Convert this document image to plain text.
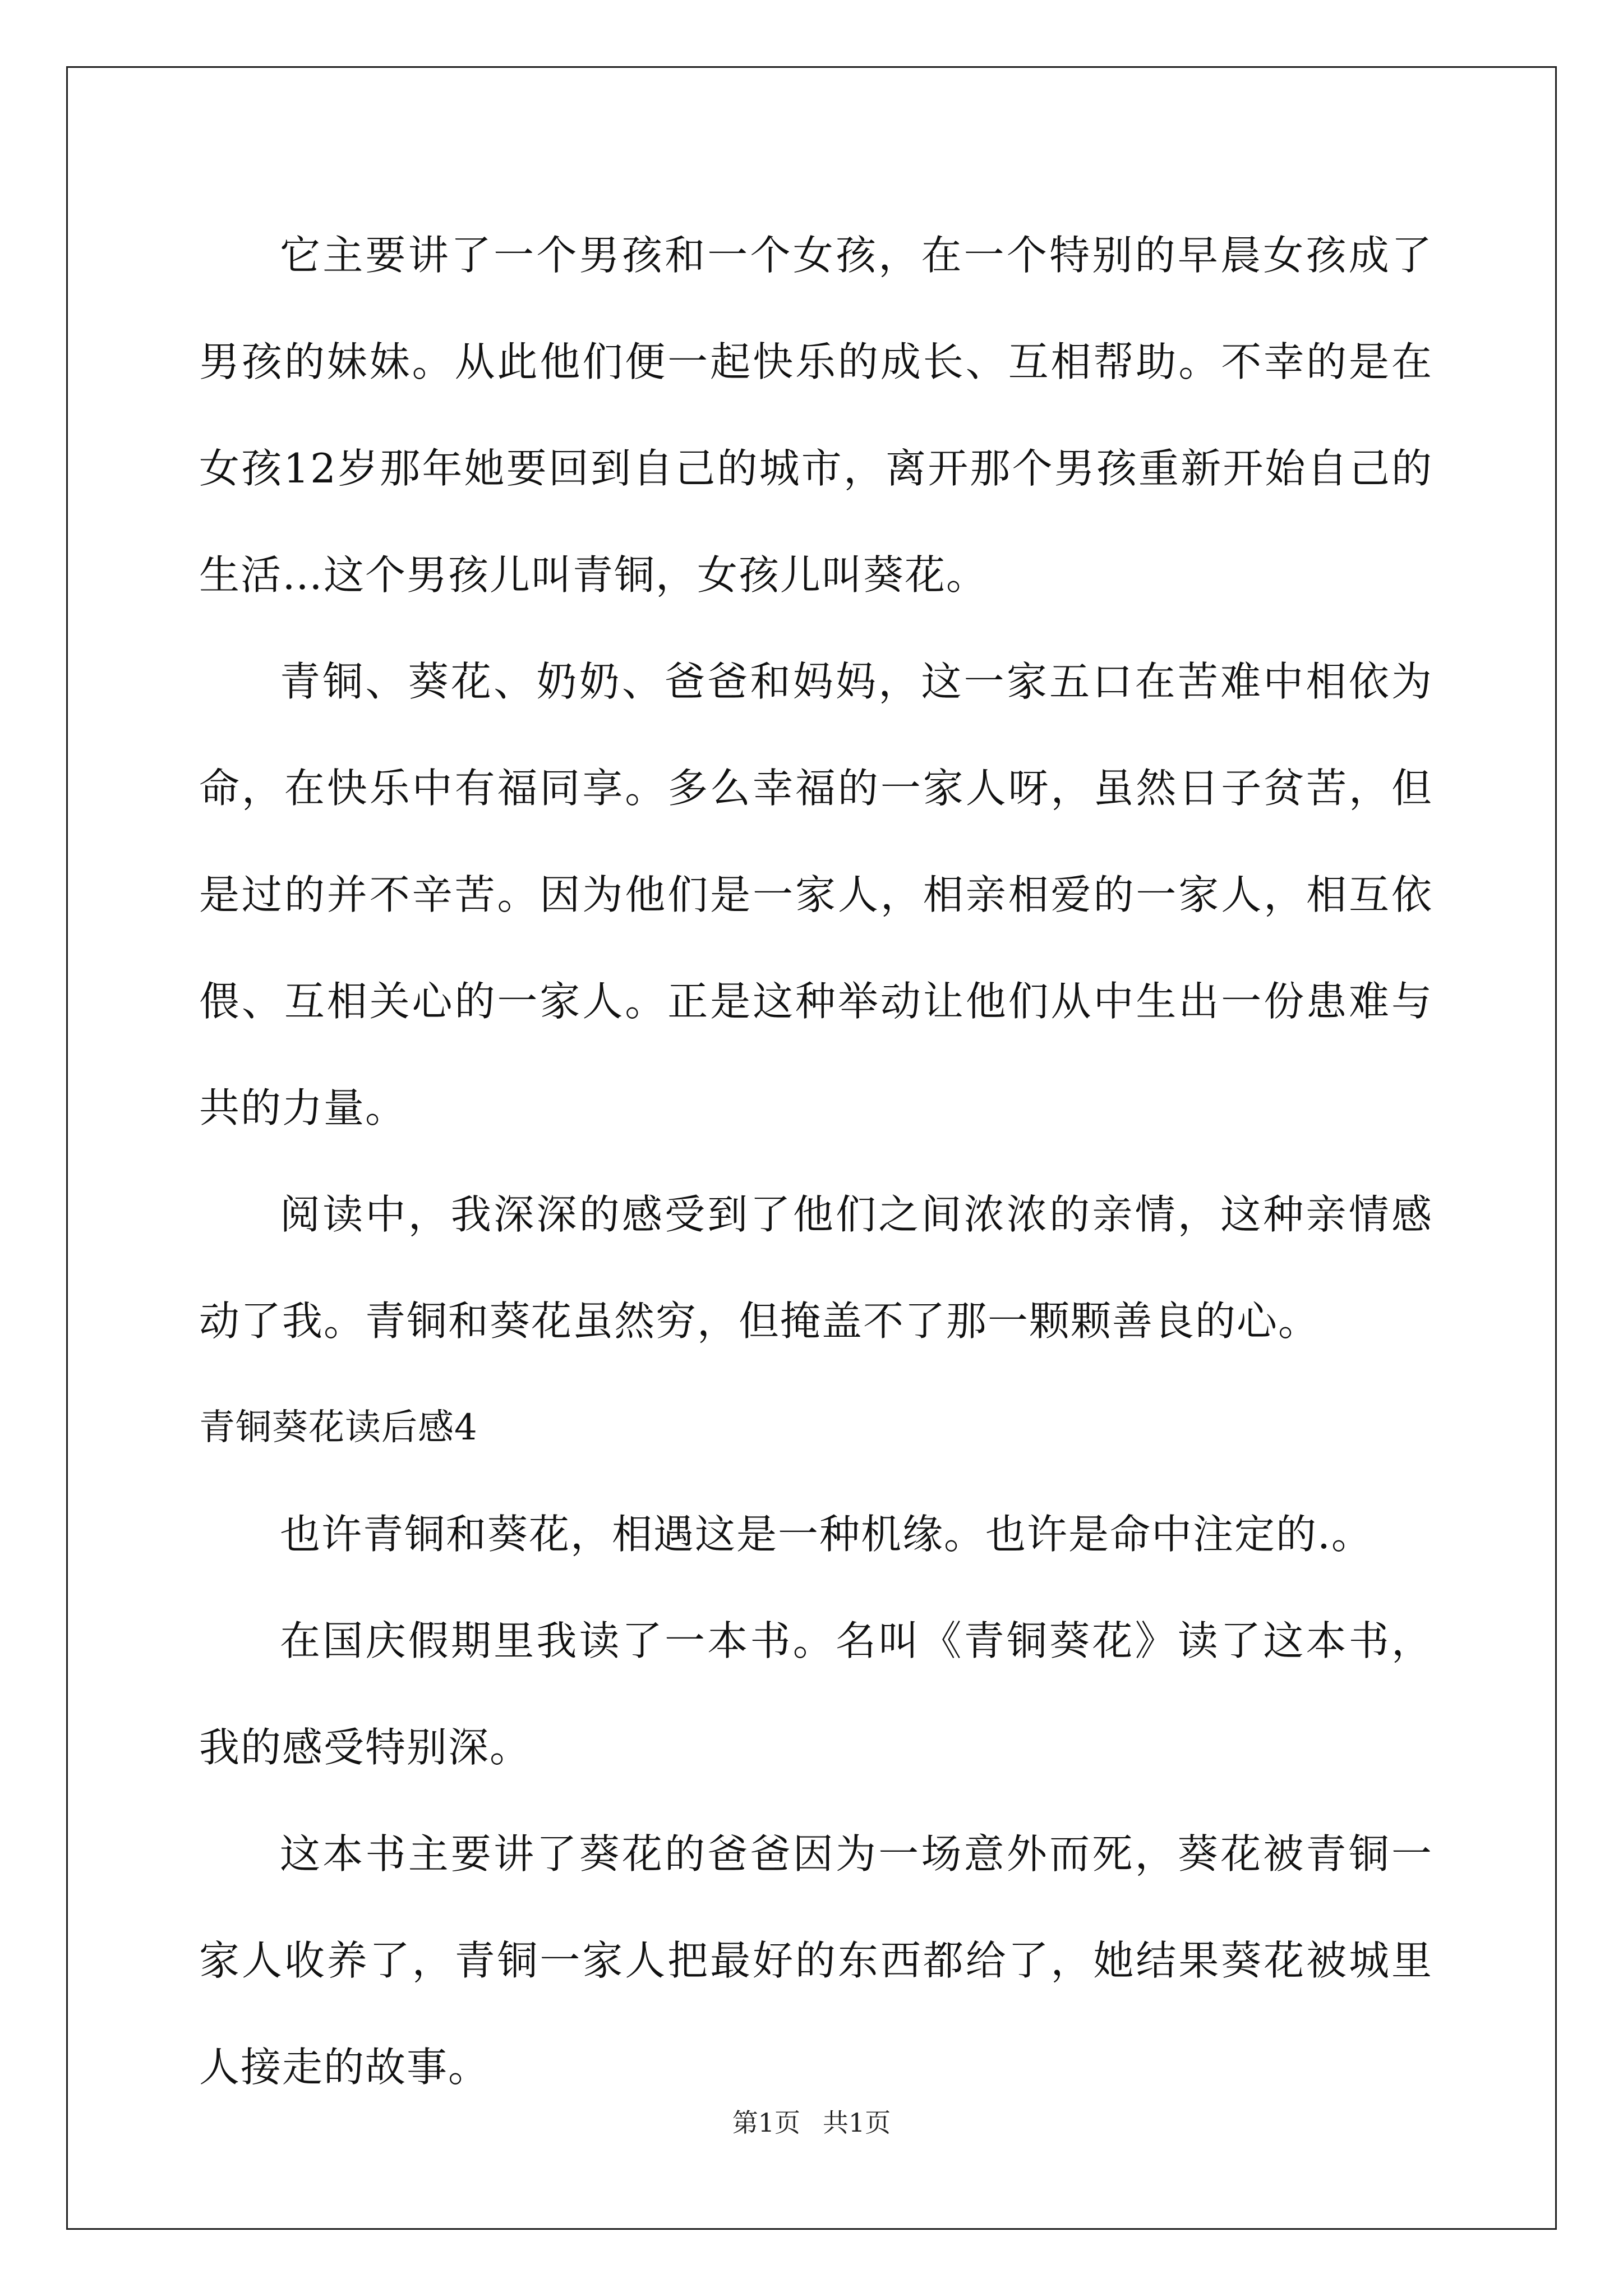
它主要讲了一个男孩和一个女孩，在一个特别的早晨女孩成了男孩的妹妹。从此他们便一起快乐的成长、互相帮助。不幸的是在女孩12岁那年她要回到自己的城市，离开那个男孩重新开始自己的生活…这个男孩儿叫青铜，女孩儿叫葵花。

青铜、葵花、奶奶、爸爸和妈妈，这一家五口在苦难中相依为命，在快乐中有福同享。多么幸福的一家人呀，虽然日子贫苦，但是过的并不辛苦。因为他们是一家人，相亲相爱的一家人，相互依偎、互相关心的一家人。正是这种举动让他们从中生出一份患难与共的力量。

阅读中，我深深的感受到了他们之间浓浓的亲情，这种亲情感动了我。青铜和葵花虽然穷，但掩盖不了那一颗颗善良的心。

青铜葵花读后感4

也许青铜和葵花，相遇这是一种机缘。也许是命中注定的.。

在国庆假期里我读了一本书。名叫《青铜葵花》读了这本书，我的感受特别深。

这本书主要讲了葵花的爸爸因为一场意外而死，葵花被青铜一家人收养了，青铜一家人把最好的东西都给了，她结果葵花被城里人接走的故事。

第1页 共1页
